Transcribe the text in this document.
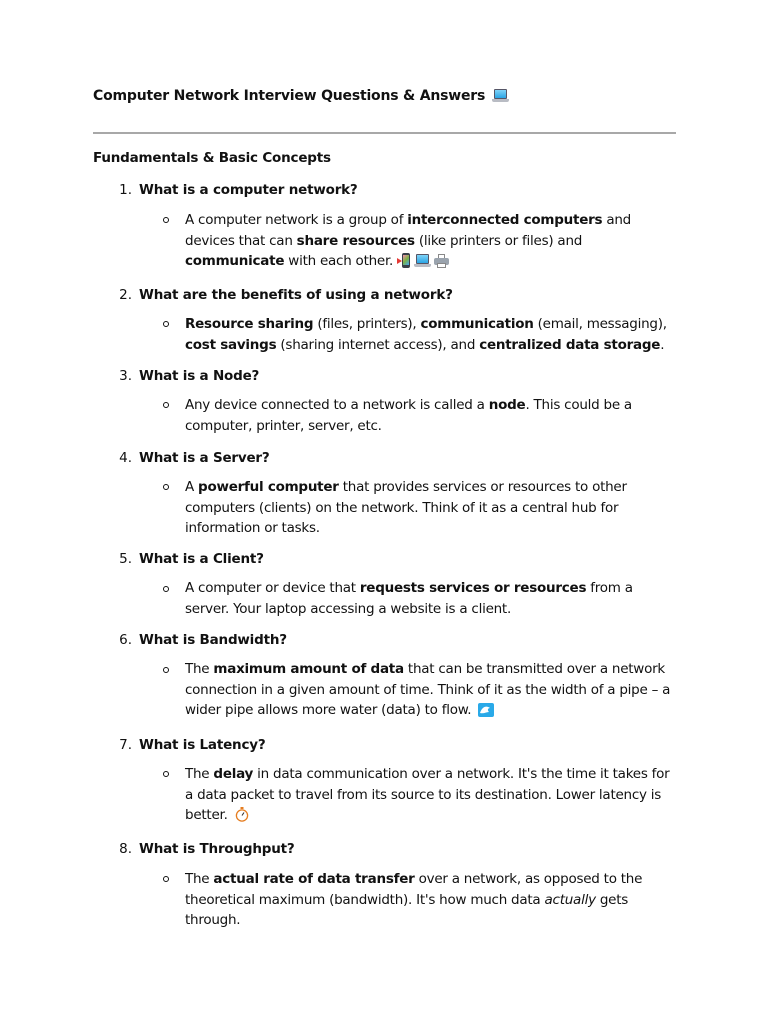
Computer Network Interview Questions & Answers
Fundamentals & Basic Concepts
1. What is a computer network?
A computer network is a group of interconnected computers and devices that can share resources (like printers or files) and communicate with each other.
2. What are the benefits of using a network?
Resource sharing (files, printers), communication (email, messaging), cost savings (sharing internet access), and centralized data storage.
3. What is a Node?
Any device connected to a network is called a node. This could be a computer, printer, server, etc.
4. What is a Server?
A powerful computer that provides services or resources to other computers (clients) on the network. Think of it as a central hub for information or tasks.
5. What is a Client?
A computer or device that requests services or resources from a server. Your laptop accessing a website is a client.
6. What is Bandwidth?
The maximum amount of data that can be transmitted over a network connection in a given amount of time. Think of it as the width of a pipe – a wider pipe allows more water (data) to flow.
7. What is Latency?
The delay in data communication over a network. It's the time it takes for a data packet to travel from its source to its destination. Lower latency is better.
8. What is Throughput?
The actual rate of data transfer over a network, as opposed to the theoretical maximum (bandwidth). It's how much data actually gets through.
